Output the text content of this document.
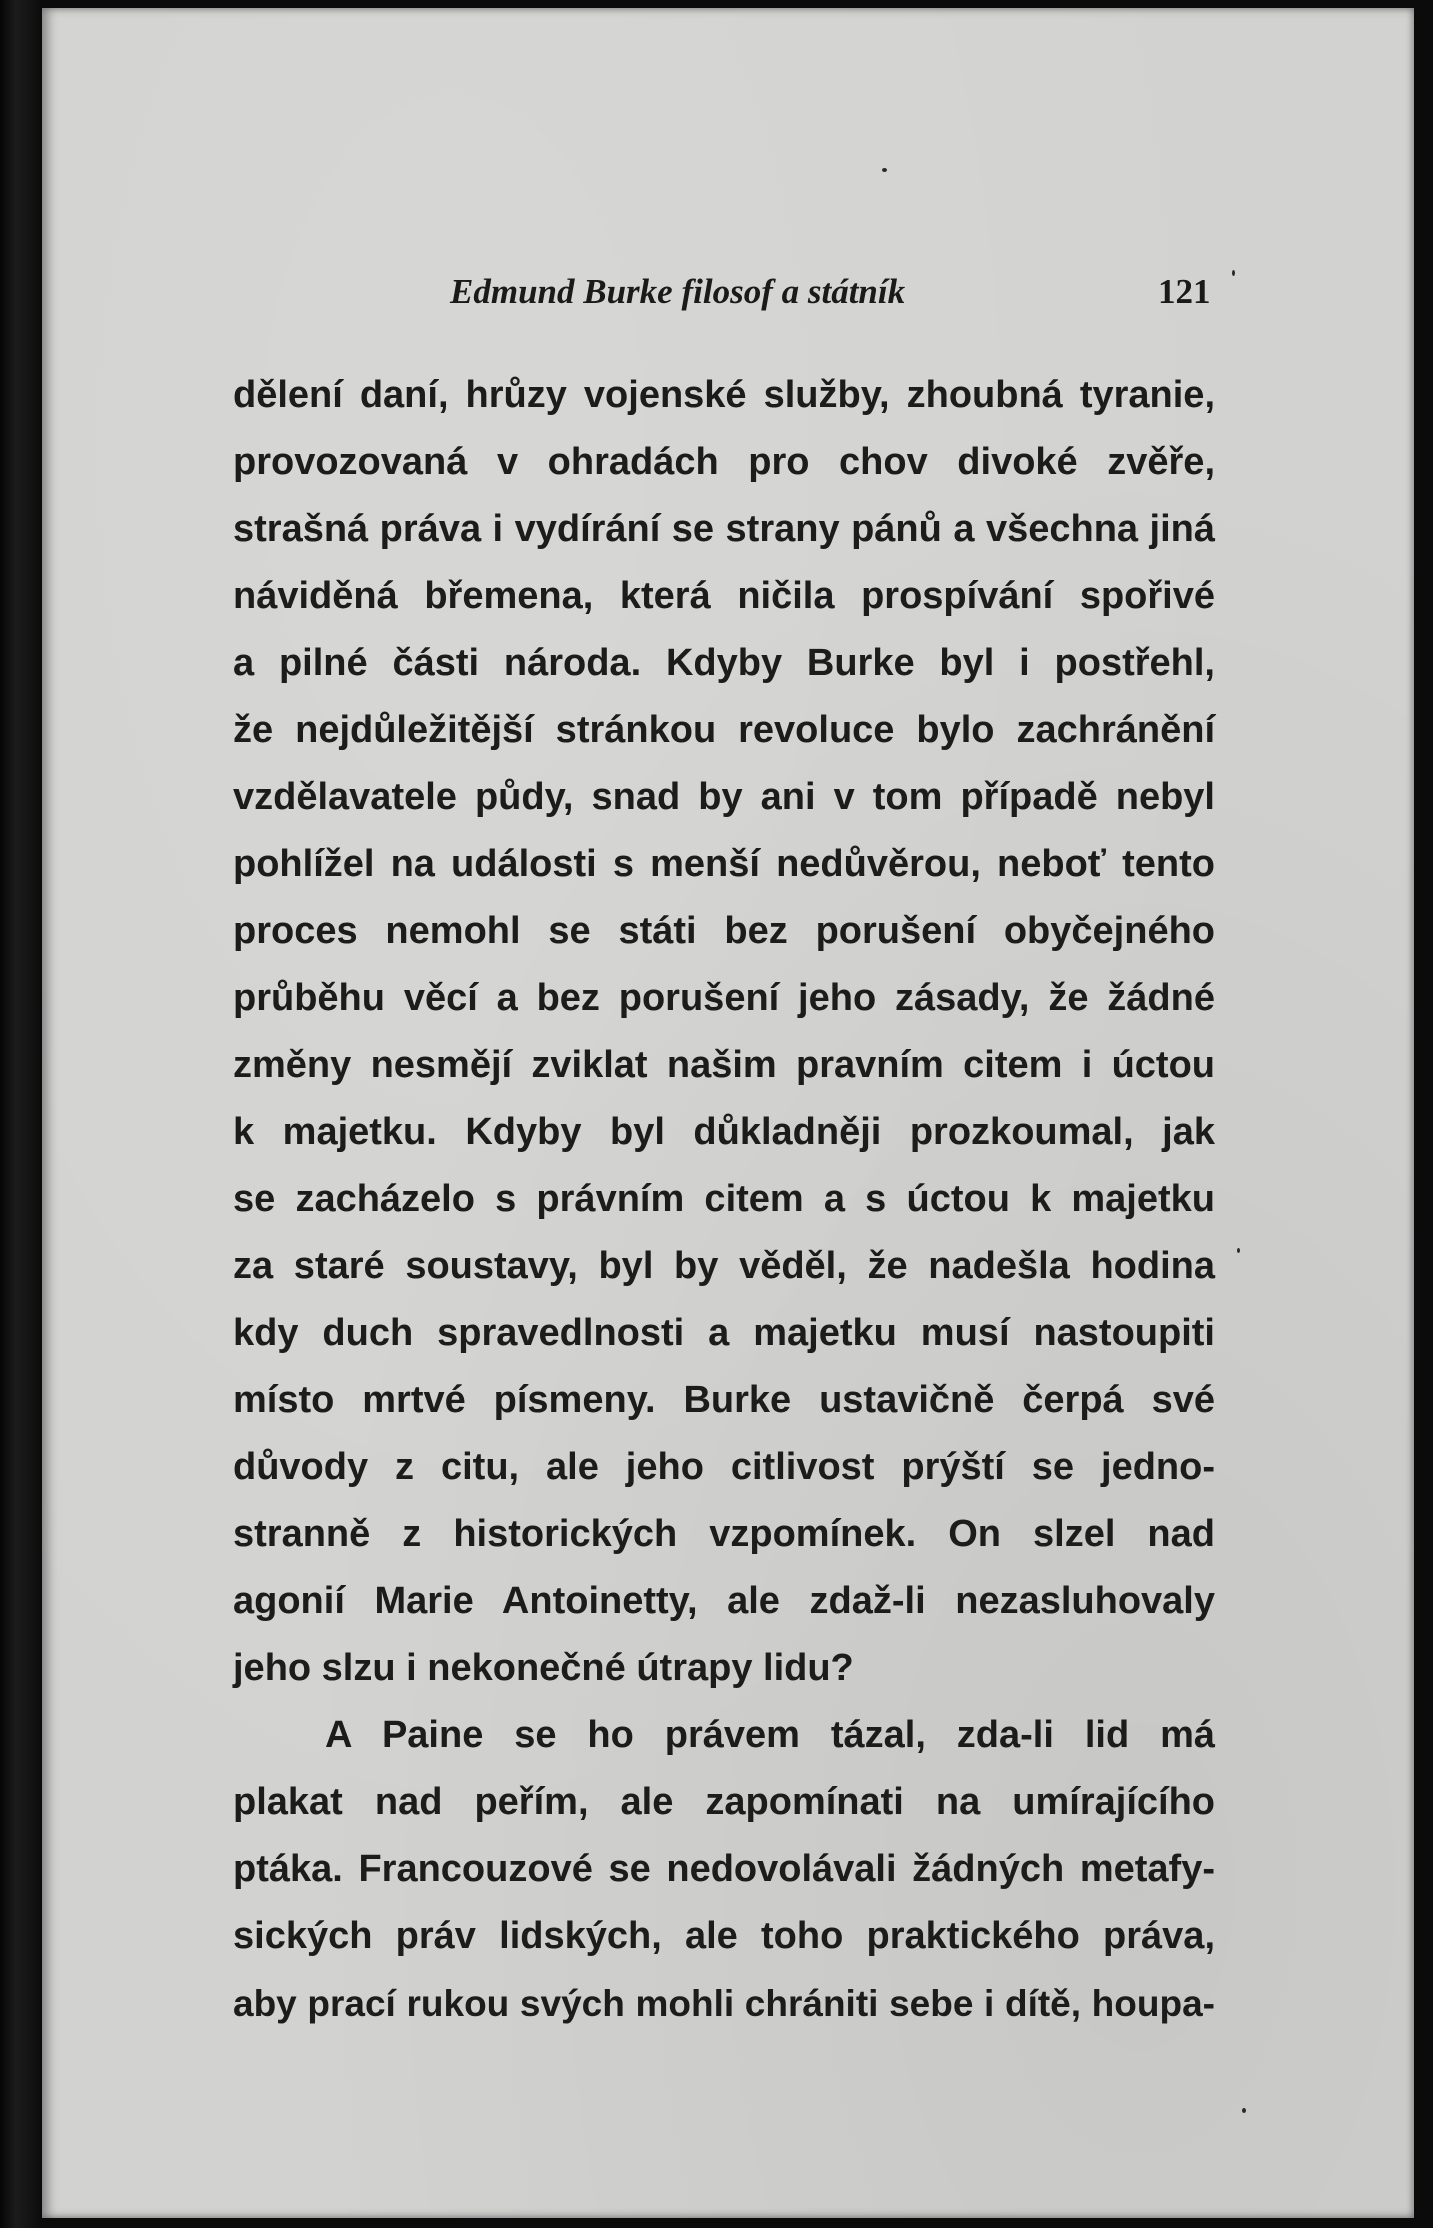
Edmund Burke filosof a státník	121
dělení daní, hrůzy vojenské služby, zhoubná tyranie,
provozovaná v ohradách pro chov divoké zvěře,
strašná práva i vydírání se strany pánů a všechna jiná
náviděná břemena, která ničila prospívání spořivé
a pilné části národa. Kdyby Burke byl i postřehl,
že nejdůležitější stránkou revoluce bylo zachránění
vzdělavatele půdy, snad by ani v tom případě nebyl
pohlížel na události s menší nedůvěrou, neboť tento
proces nemohl se státi bez porušení obyčejného
průběhu věcí a bez porušení jeho zásady, že žádné
změny nesmějí zviklat našim pravním citem i úctou
k majetku. Kdyby byl důkladněji prozkoumal, jak
se zacházelo s právním citem a s úctou k majetku
za staré soustavy, byl by věděl, že nadešla hodina
kdy duch spravedlnosti a majetku musí nastoupiti
místo mrtvé písmeny. Burke ustavičně čerpá své
důvody z citu, ale jeho citlivost prýští se jedno-
stranně z historických vzpomínek. On slzel nad
agonií Marie Antoinetty, ale zdaž-li nezasluhovaly
jeho slzu i nekonečné útrapy lidu?
A Paine se ho právem tázal, zda-li lid má
plakat nad peřím, ale zapomínati na umírajícího
ptáka. Francouzové se nedovolávali žádných metafy-
sických práv lidských, ale toho praktického práva,
aby prací rukou svých mohli chrániti sebe i dítě, houpa-
